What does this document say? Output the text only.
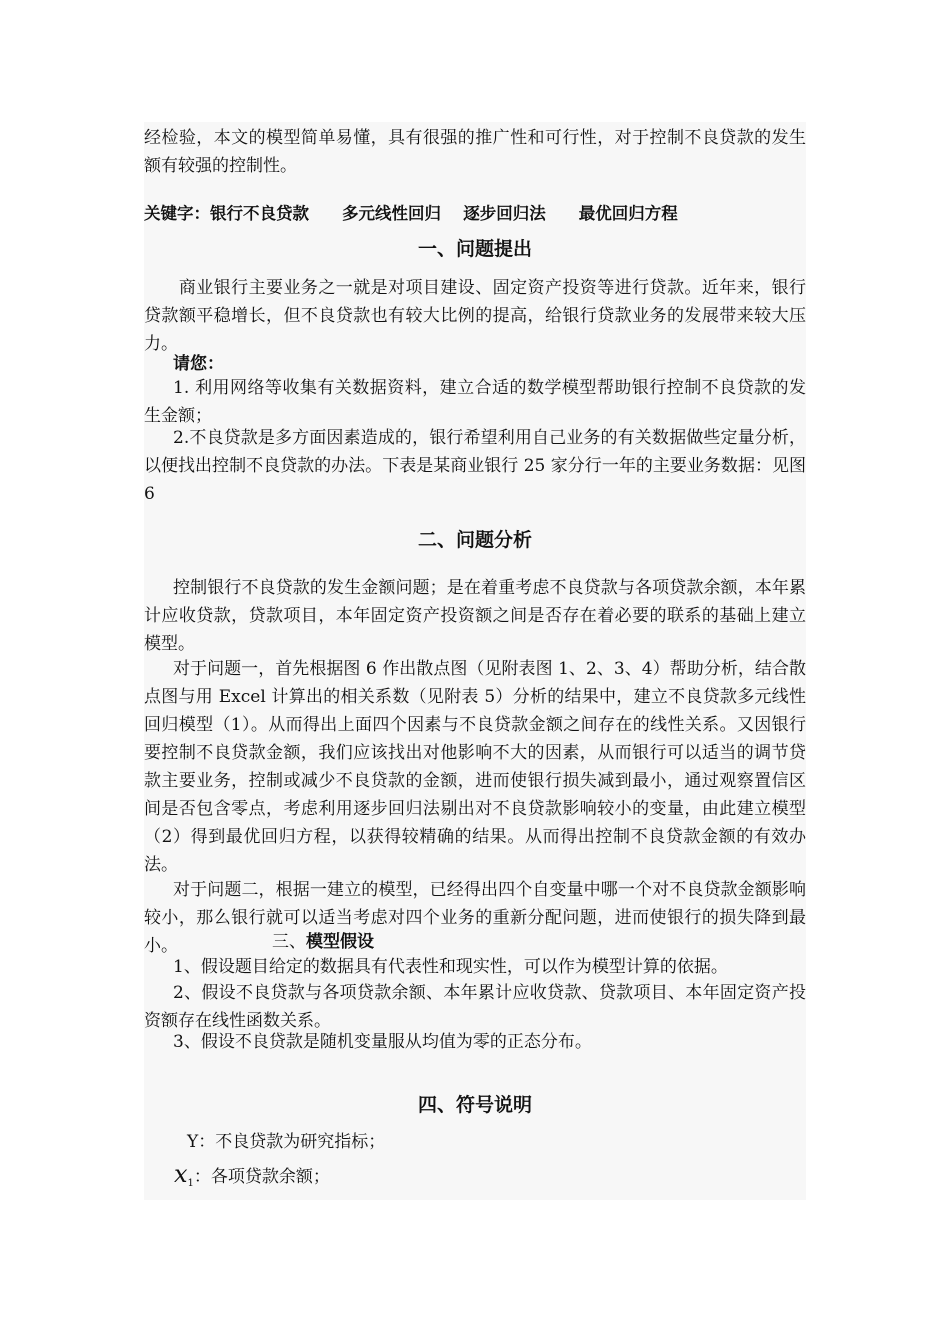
经检验，本文的模型简单易懂，具有很强的推广性和可行性，对于控制不良贷款的发生额有较强的控制性。

关键字：银行不良贷款　　多元线性回归　 逐步回归法　　最优回归方程

一、问题提出

　　商业银行主要业务之一就是对项目建设、固定资产投资等进行贷款。近年来，银行贷款额平稳增长，但不良贷款也有较大比例的提高，给银行贷款业务的发展带来较大压力。

请您：

1. 利用网络等收集有关数据资料，建立合适的数学模型帮助银行控制不良贷款的发生金额；

2.不良贷款是多方面因素造成的，银行希望利用自己业务的有关数据做些定量分析，以便找出控制不良贷款的办法。下表是某商业银行 25 家分行一年的主要业务数据：见图 6

二、问题分析

控制银行不良贷款的发生金额问题；是在着重考虑不良贷款与各项贷款余额，本年累计应收贷款，贷款项目，本年固定资产投资额之间是否存在着必要的联系的基础上建立模型。

对于问题一，首先根据图 6 作出散点图（见附表图 1、2、3、4）帮助分析，结合散点图与用 Excel 计算出的相关系数（见附表 5）分析的结果中，建立不良贷款多元线性回归模型（1）。从而得出上面四个因素与不良贷款金额之间存在的线性关系。又因银行要控制不良贷款金额，我们应该找出对他影响不大的因素，从而银行可以适当的调节贷款主要业务，控制或减少不良贷款的金额，进而使银行损失减到最小，通过观察置信区间是否包含零点，考虑利用逐步回归法剔出对不良贷款影响较小的变量，由此建立模型（2）得到最优回归方程，以获得较精确的结果。从而得出控制不良贷款金额的有效办法。

对于问题二，根据一建立的模型，已经得出四个自变量中哪一个对不良贷款金额影响较小，那么银行就可以适当考虑对四个业务的重新分配问题，进而使银行的损失降到最小。	三、模型假设

1、假设题目给定的数据具有代表性和现实性，可以作为模型计算的依据。

2、假设不良贷款与各项贷款余额、本年累计应收贷款、贷款项目、本年固定资产投资额存在线性函数关系。

3、假设不良贷款是随机变量服从均值为零的正态分布。

四、符号说明

Y：不良贷款为研究指标；

$x_1$：各项贷款余额；
